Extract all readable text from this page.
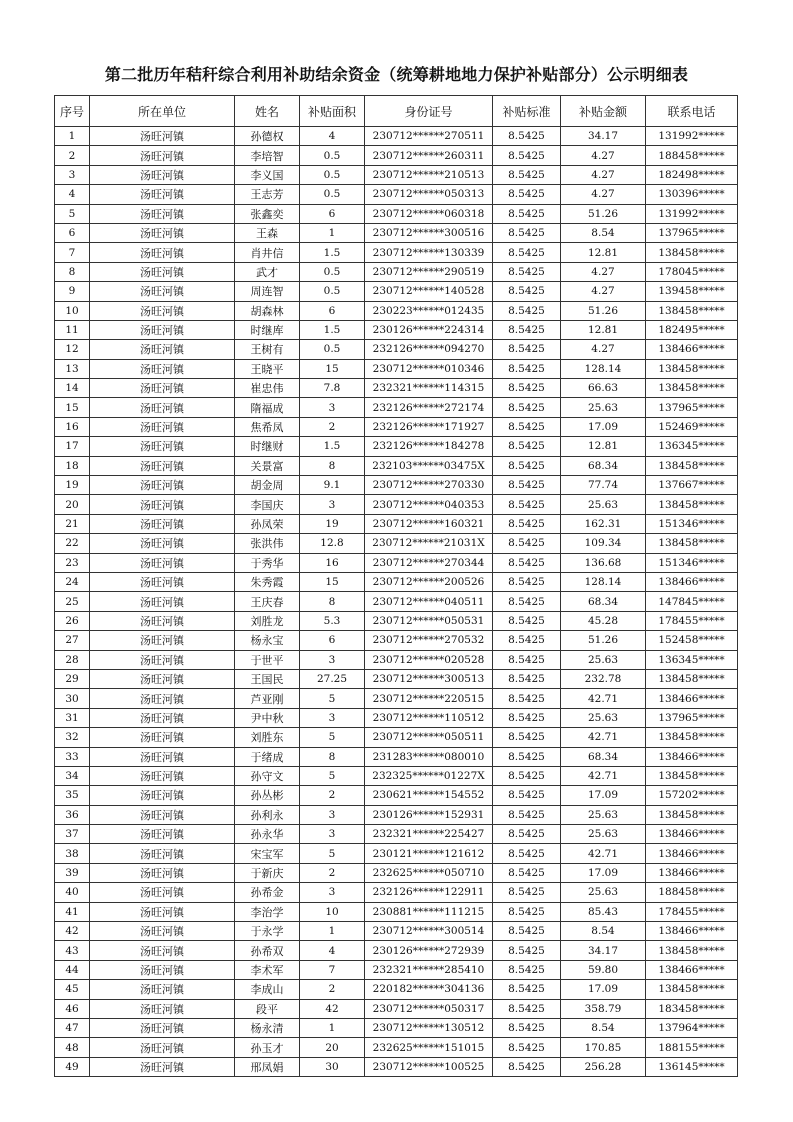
第二批历年秸秆综合利用补助结余资金（统筹耕地地力保护补贴部分）公示明细表
序号	所在单位	姓名	补贴面积	身份证号	补贴标准	补贴金额	联系电话
1	汤旺河镇	孙德权	4	230712******270511	8.5425	34.17	131992*****
2	汤旺河镇	李培智	0.5	230712******260311	8.5425	4.27	188458*****
3	汤旺河镇	李义国	0.5	230712******210513	8.5425	4.27	182498*****
4	汤旺河镇	王志芳	0.5	230712******050313	8.5425	4.27	130396*****
5	汤旺河镇	张鑫奕	6	230712******060318	8.5425	51.26	131992*****
6	汤旺河镇	王森	1	230712******300516	8.5425	8.54	137965*****
7	汤旺河镇	肖井信	1.5	230712******130339	8.5425	12.81	138458*****
8	汤旺河镇	武才	0.5	230712******290519	8.5425	4.27	178045*****
9	汤旺河镇	周连智	0.5	230712******140528	8.5425	4.27	139458*****
10	汤旺河镇	胡森林	6	230223******012435	8.5425	51.26	138458*****
11	汤旺河镇	时继库	1.5	230126******224314	8.5425	12.81	182495*****
12	汤旺河镇	王树有	0.5	232126******094270	8.5425	4.27	138466*****
13	汤旺河镇	王晓平	15	230712******010346	8.5425	128.14	138458*****
14	汤旺河镇	崔忠伟	7.8	232321******114315	8.5425	66.63	138458*****
15	汤旺河镇	隋福成	3	232126******272174	8.5425	25.63	137965*****
16	汤旺河镇	焦希凤	2	232126******171927	8.5425	17.09	152469*****
17	汤旺河镇	时继财	1.5	232126******184278	8.5425	12.81	136345*****
18	汤旺河镇	关景富	8	232103******03475X	8.5425	68.34	138458*****
19	汤旺河镇	胡金周	9.1	230712******270330	8.5425	77.74	137667*****
20	汤旺河镇	李国庆	3	230712******040353	8.5425	25.63	138458*****
21	汤旺河镇	孙凤荣	19	230712******160321	8.5425	162.31	151346*****
22	汤旺河镇	张洪伟	12.8	230712******21031X	8.5425	109.34	138458*****
23	汤旺河镇	于秀华	16	230712******270344	8.5425	136.68	151346*****
24	汤旺河镇	朱秀霞	15	230712******200526	8.5425	128.14	138466*****
25	汤旺河镇	王庆春	8	230712******040511	8.5425	68.34	147845*****
26	汤旺河镇	刘胜龙	5.3	230712******050531	8.5425	45.28	178455*****
27	汤旺河镇	杨永宝	6	230712******270532	8.5425	51.26	152458*****
28	汤旺河镇	于世平	3	230712******020528	8.5425	25.63	136345*****
29	汤旺河镇	王国民	27.25	230712******300513	8.5425	232.78	138458*****
30	汤旺河镇	芦亚刚	5	230712******220515	8.5425	42.71	138466*****
31	汤旺河镇	尹中秋	3	230712******110512	8.5425	25.63	137965*****
32	汤旺河镇	刘胜东	5	230712******050511	8.5425	42.71	138458*****
33	汤旺河镇	于绪成	8	231283******080010	8.5425	68.34	138466*****
34	汤旺河镇	孙守文	5	232325******01227X	8.5425	42.71	138458*****
35	汤旺河镇	孙丛彬	2	230621******154552	8.5425	17.09	157202*****
36	汤旺河镇	孙利永	3	230126******152931	8.5425	25.63	138458*****
37	汤旺河镇	孙永华	3	232321******225427	8.5425	25.63	138466*****
38	汤旺河镇	宋宝军	5	230121******121612	8.5425	42.71	138466*****
39	汤旺河镇	于新庆	2	232625******050710	8.5425	17.09	138466*****
40	汤旺河镇	孙希金	3	232126******122911	8.5425	25.63	188458*****
41	汤旺河镇	李治学	10	230881******111215	8.5425	85.43	178455*****
42	汤旺河镇	于永学	1	230712******300514	8.5425	8.54	138466*****
43	汤旺河镇	孙希双	4	230126******272939	8.5425	34.17	138458*****
44	汤旺河镇	李术军	7	232321******285410	8.5425	59.80	138466*****
45	汤旺河镇	李成山	2	220182******304136	8.5425	17.09	138458*****
46	汤旺河镇	段平	42	230712******050317	8.5425	358.79	183458*****
47	汤旺河镇	杨永清	1	230712******130512	8.5425	8.54	137964*****
48	汤旺河镇	孙玉才	20	232625******151015	8.5425	170.85	188155*****
49	汤旺河镇	邢凤娟	30	230712******100525	8.5425	256.28	136145*****
